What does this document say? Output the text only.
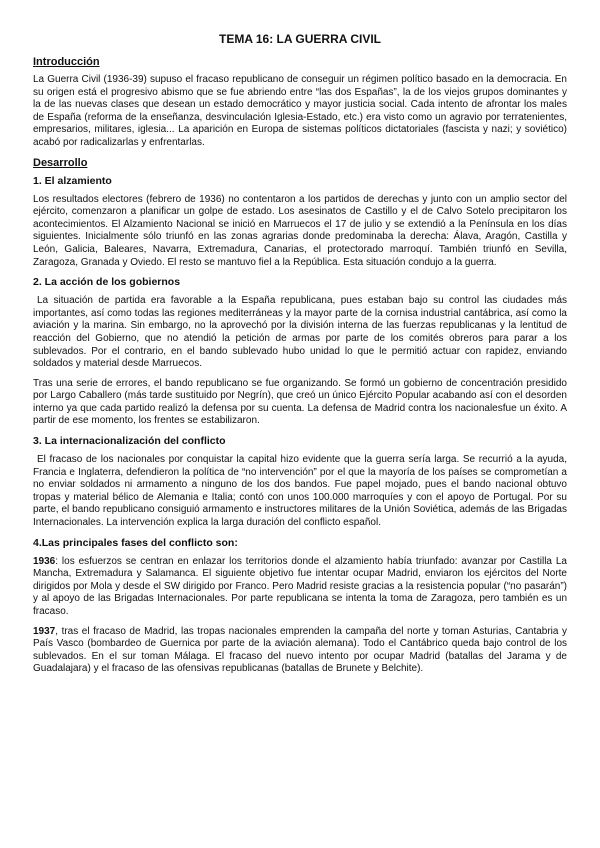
TEMA 16: LA GUERRA CIVIL
Introducción

La Guerra Civil (1936-39) supuso el fracaso republicano de conseguir un régimen político basado en la democracia. En su origen está el progresivo abismo que se fue abriendo entre “las dos Españas”, la de los viejos grupos dominantes y la de las nuevas clases que desean un estado democrático y mayor justicia social. Cada intento de afrontar los males de España (reforma de la enseñanza, desvinculación Iglesia-Estado, etc.) era visto como un agravio por terratenientes, empresarios, militares, iglesia... La aparición en Europa de sistemas políticos dictatoriales (fascista y nazi; y soviético) acabó por radicalizarlas y enfrentarlas.

Desarrollo
1. El alzamiento

Los resultados electores (febrero de 1936) no contentaron a los partidos de derechas y junto con un amplio sector del ejército, comenzaron a planificar un golpe de estado. Los asesinatos de Castillo y el de Calvo Sotelo precipitaron los acontecimientos. El Alzamiento Nacional se inició en Marruecos el 17 de julio y se extendió a la Península en los días siguientes. Inicialmente sólo triunfó en las zonas agrarias donde predominaba la derecha: Álava, Aragón, Castilla y León, Galicia, Baleares, Navarra, Extremadura, Canarias, el protectorado marroquí. También triunfó en Sevilla, Zaragoza, Granada y Oviedo. El resto se mantuvo fiel a la República. Esta situación condujo a la guerra.

2. La acción de los gobiernos

La situación de partida era favorable a la España republicana, pues estaban bajo su control las ciudades más importantes, así como todas las regiones mediterráneas y la mayor parte de la cornisa industrial cantábrica, así como la aviación y la marina. Sin embargo, no la aprovechó por la división interna de las fuerzas republicanas y la lentitud de reacción del Gobierno, que no atendió la petición de armas por parte de los comités obreros para parar a los sublevados. Por el contrario, en el bando sublevado hubo unidad lo que le permitió actuar con rapidez, enviando soldados y material desde Marruecos.

Tras una serie de errores, el bando republicano se fue organizando. Se formó un gobierno de concentración presidido por Largo Caballero (más tarde sustituido por Negrín), que creó un único Ejército Popular acabando así con el desorden interno ya que cada partido realizó la defensa por su cuenta. La defensa de Madrid contra los nacionalesfue un éxito. A partir de ese momento, los frentes se estabilizaron.

3. La internacionalización del conflicto

El fracaso de los nacionales por conquistar la capital hizo evidente que la guerra sería larga. Se recurrió a la ayuda, Francia e Inglaterra, defendieron la política de “no intervención” por el que la mayoría de los países se comprometían a no enviar soldados ni armamento a ninguno de los dos bandos. Fue papel mojado, pues el bando nacional obtuvo tropas y material bélico de Alemania e Italia; contó con unos 100.000 marroquíes y con el apoyo de Portugal. Por su parte, el bando republicano consiguió armamento e instructores militares de la Unión Soviética, además de las Brigadas Internacionales. La intervención explica la larga duración del conflicto español.

4.Las principales fases del conflicto son:

1936: los esfuerzos se centran en enlazar los territorios donde el alzamiento había triunfado: avanzar por Castilla La Mancha, Extremadura y Salamanca. El siguiente objetivo fue intentar ocupar Madrid, enviaron los ejércitos del Norte dirigidos por Mola y desde el SW dirigido por Franco. Pero Madrid resiste gracias a la resistencia popular (“no pasarán”) y al apoyo de las Brigadas Internacionales. Por parte republicana se intenta la toma de Zaragoza, pero también es un fracaso.

1937, tras el fracaso de Madrid, las tropas nacionales emprenden la campaña del norte y toman Asturias, Cantabria y País Vasco (bombardeo de Guernica por parte de la aviación alemana). Todo el Cantábrico queda bajo control de los sublevados. En el sur toman Málaga. El fracaso del nuevo intento por ocupar Madrid (batallas del Jarama y de Guadalajara) y el fracaso de las ofensivas republicanas (batallas de Brunete y Belchite).
